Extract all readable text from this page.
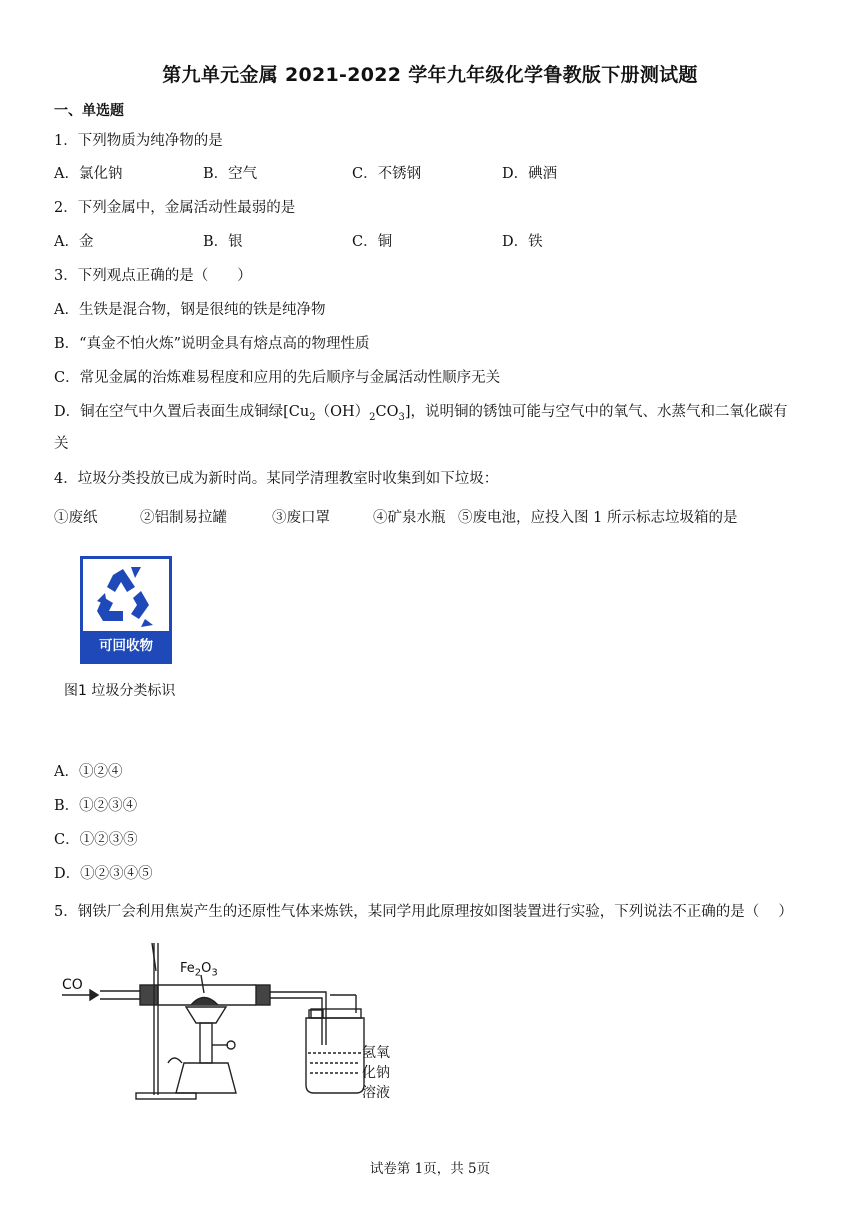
第九单元金属 2021-2022 学年九年级化学鲁教版下册测试题
一、单选题
1．下列物质为纯净物的是
A．氯化钠	B．空气	C．不锈钢	D．碘酒
2．下列金属中，金属活动性最弱的是
A．金	B．银	C．铜	D．铁
3．下列观点正确的是（　　）
A．生铁是混合物，钢是很纯的铁是纯净物
B．“真金不怕火炼”说明金具有熔点高的物理性质
C．常见金属的治炼难易程度和应用的先后顺序与金属活动性顺序无关
D．铜在空气中久置后表面生成铜绿$[Cu_2(OH)_2CO_3]$，说明铜的锈蚀可能与空气中的氧气、水蒸气和二氧化碳有
关
4．垃圾分类投放已成为新时尚。某同学清理教室时收集到如下垃圾：
①废纸	②铝制易拉罐	③废口罩	④矿泉水瓶 ⑤废电池，应投入图 1 所示标志垃圾箱的是
可回收物
图1 垃圾分类标识
A．①②④
B．①②③④
C．①②③⑤
D．①②③④⑤
5．钢铁厂会利用焦炭产生的还原性气体来炼铁，某同学用此原理按如图装置进行实验，下列说法不正确的是（　 ）
CO
$Fe_2O_3$
氢氧
化钠
溶液
试卷第 1页，共 5页
